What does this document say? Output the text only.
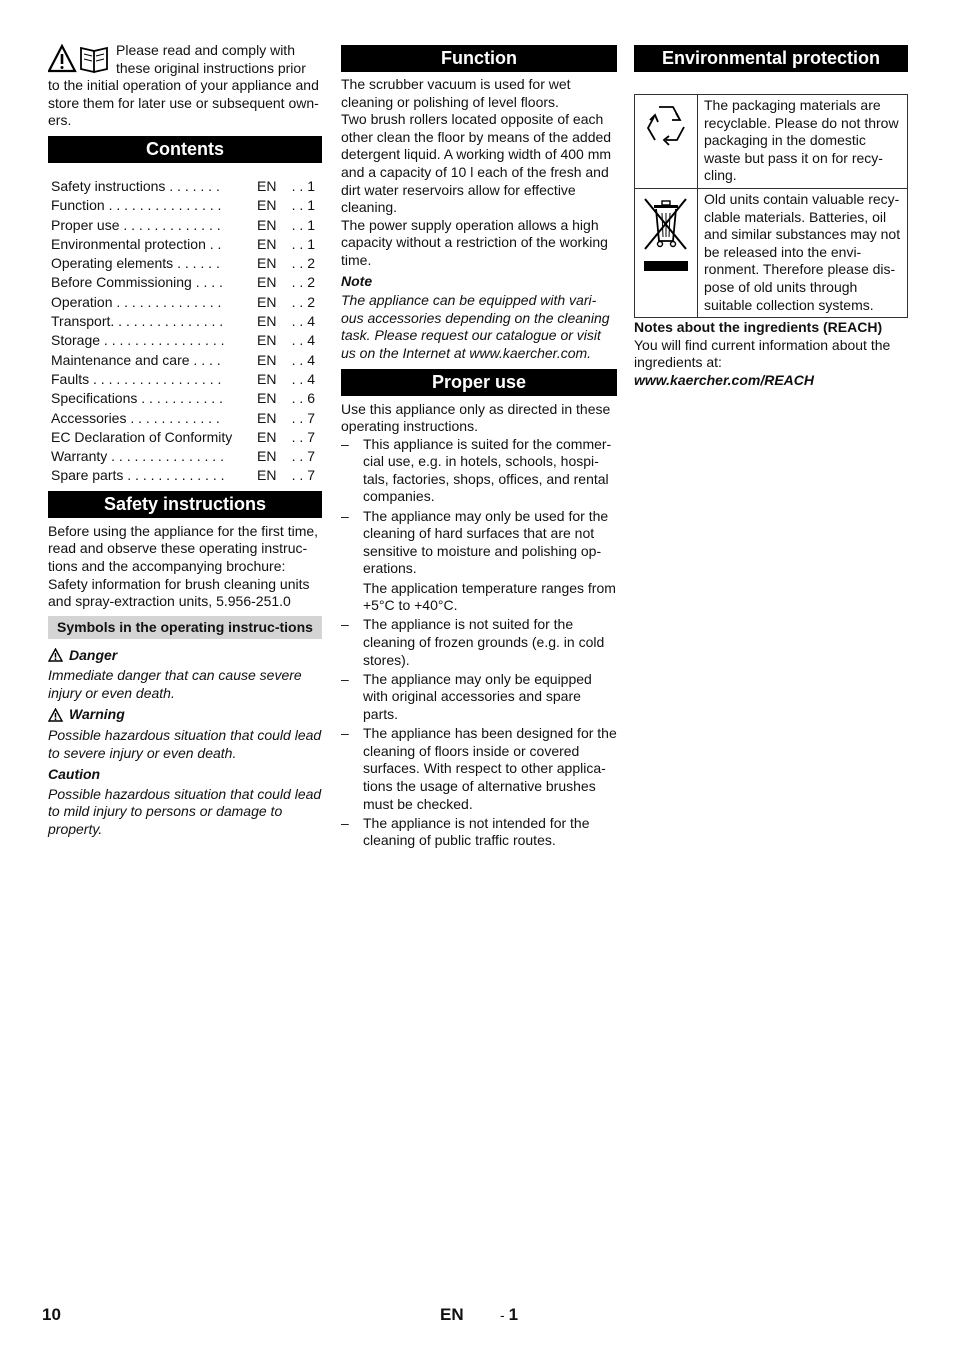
Please read and comply with

these original instructions prior

to the initial operation of your appliance and store them for later use or subsequent own-ers.

Contents
Safety instructions . . . . . . .	EN	. . 1
Function . . . . . . . . . . . . . . .	EN	. . 1
Proper use . . . . . . . . . . . . .	EN	. . 1
Environmental protection . .	EN	. . 1
Operating elements . . . . . .	EN	. . 2
Before Commissioning . . . .	EN	. . 2
Operation . . . . . . . . . . . . . .	EN	. . 2
Transport. . . . . . . . . . . . . . .	EN	. . 4
Storage . . . . . . . . . . . . . . . .	EN	. . 4
Maintenance and care . . . .	EN	. . 4
Faults . . . . . . . . . . . . . . . . .	EN	. . 4
Specifications . . . . . . . . . . .	EN	. . 6
Accessories . . . . . . . . . . . .	EN	. . 7
EC Declaration of Conformity	EN	. . 7
Warranty . . . . . . . . . . . . . . .	EN	. . 7
Spare parts . . . . . . . . . . . . .	EN	. . 7
Safety instructions

Before using the appliance for the first time, read and observe these operating instruc-tions and the accompanying brochure: Safety information for brush cleaning units and spray-extraction units, 5.956-251.0

Symbols in the operating instruc-tions
Danger

Immediate danger that can cause severe injury or even death.

Warning

Possible hazardous situation that could lead to severe injury or even death.

Caution

Possible hazardous situation that could lead to mild injury to persons or damage to property.

Function

The scrubber vacuum is used for wet cleaning or polishing of level floors.

Two brush rollers located opposite of each other clean the floor by means of the added detergent liquid. A working width of 400 mm and a capacity of 10 l each of the fresh and dirt water reservoirs allow for effective cleaning.

The power supply operation allows a high capacity without a restriction of the working time.

Note

The appliance can be equipped with vari-ous accessories depending on the cleaning task. Please request our catalogue or visit us on the Internet at www.kaercher.com.

Proper use

Use this appliance only as directed in these operating instructions.

– This appliance is suited for the commer-cial use, e.g. in hotels, schools, hospi-tals, factories, shops, offices, and rental companies.
– The appliance may only be used for the cleaning of hard surfaces that are not sensitive to moisture and polishing op-erations.
The application temperature ranges from +5°C to +40°C.
– The appliance is not suited for the cleaning of frozen grounds (e.g. in cold stores).
– The appliance may only be equipped with original accessories and spare parts.
– The appliance has been designed for the cleaning of floors inside or covered surfaces. With respect to other applica-tions the usage of alternative brushes must be checked.
– The appliance is not intended for the cleaning of public traffic routes.
Environmental protection
	The packaging materials are recyclable. Please do not throw packaging in the domestic waste but pass it on for recy-cling.
	Old units contain valuable recy-clable materials. Batteries, oil and similar substances may not be released into the envi-ronment. Therefore please dis-pose of old units through suitable collection systems.

Notes about the ingredients (REACH)

You will find current information about the ingredients at:

www.kaercher.com/REACH

10	EN	- 1
